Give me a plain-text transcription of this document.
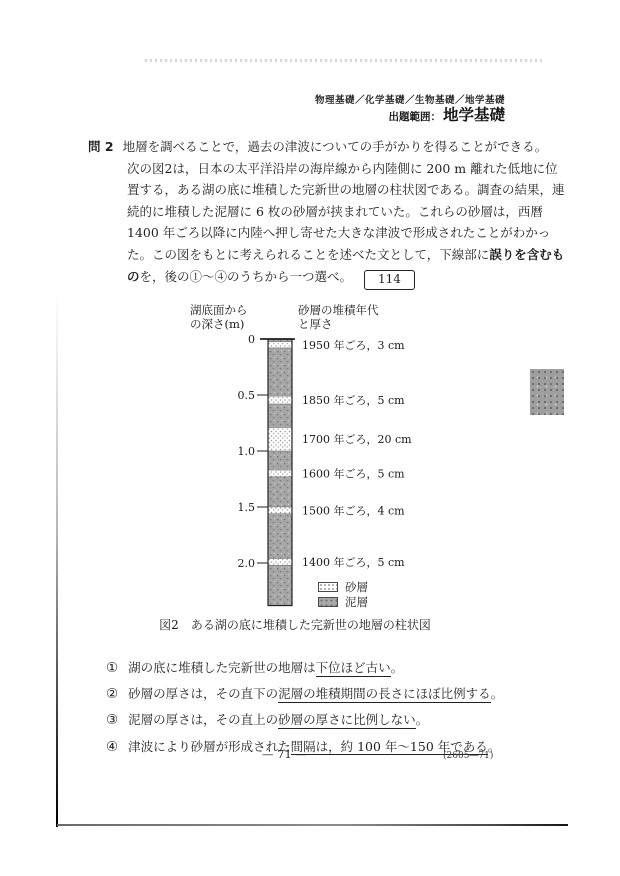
物理基礎／化学基礎／生物基礎／地学基礎
出題範囲： 地学基礎
問 2 地層を調べることで，過去の津波についての手がかりを得ることができる。
次の図2は，日本の太平洋沿岸の海岸線から内陸側に 200 m 離れた低地に位
置する，ある湖の底に堆積した完新世の地層の柱状図である。調査の結果，連
続的に堆積した泥層に 6 枚の砂層が挟まれていた。これらの砂層は，西暦
1400 年ごろ以降に内陸へ押し寄せた大きな津波で形成されたことがわかっ
た。この図をもとに考えられることを述べた文として，下線部に誤りを含むも
のを，後の①～④のうちから一つ選べ。 114
湖底面から
の深さ(m)
砂層の堆積年代
と厚さ
1950 年ごろ，3 cm
1850 年ごろ，5 cm
1700 年ごろ，20 cm
1600 年ごろ，5 cm
1500 年ごろ，4 cm
1400 年ごろ，5 cm
0
0.5
1.0
1.5
2.0
砂層
泥層
図2 ある湖の底に堆積した完新世の地層の柱状図
① 湖の底に堆積した完新世の地層は下位ほど古い。
② 砂層の厚さは，その直下の泥層の堆積期間の長さにほぼ比例する。
③ 泥層の厚さは，その直上の砂層の厚さに比例しない。
④ 津波により砂層が形成された間隔は，約 100 年～150 年である。
— 71 —	(2605―71)
